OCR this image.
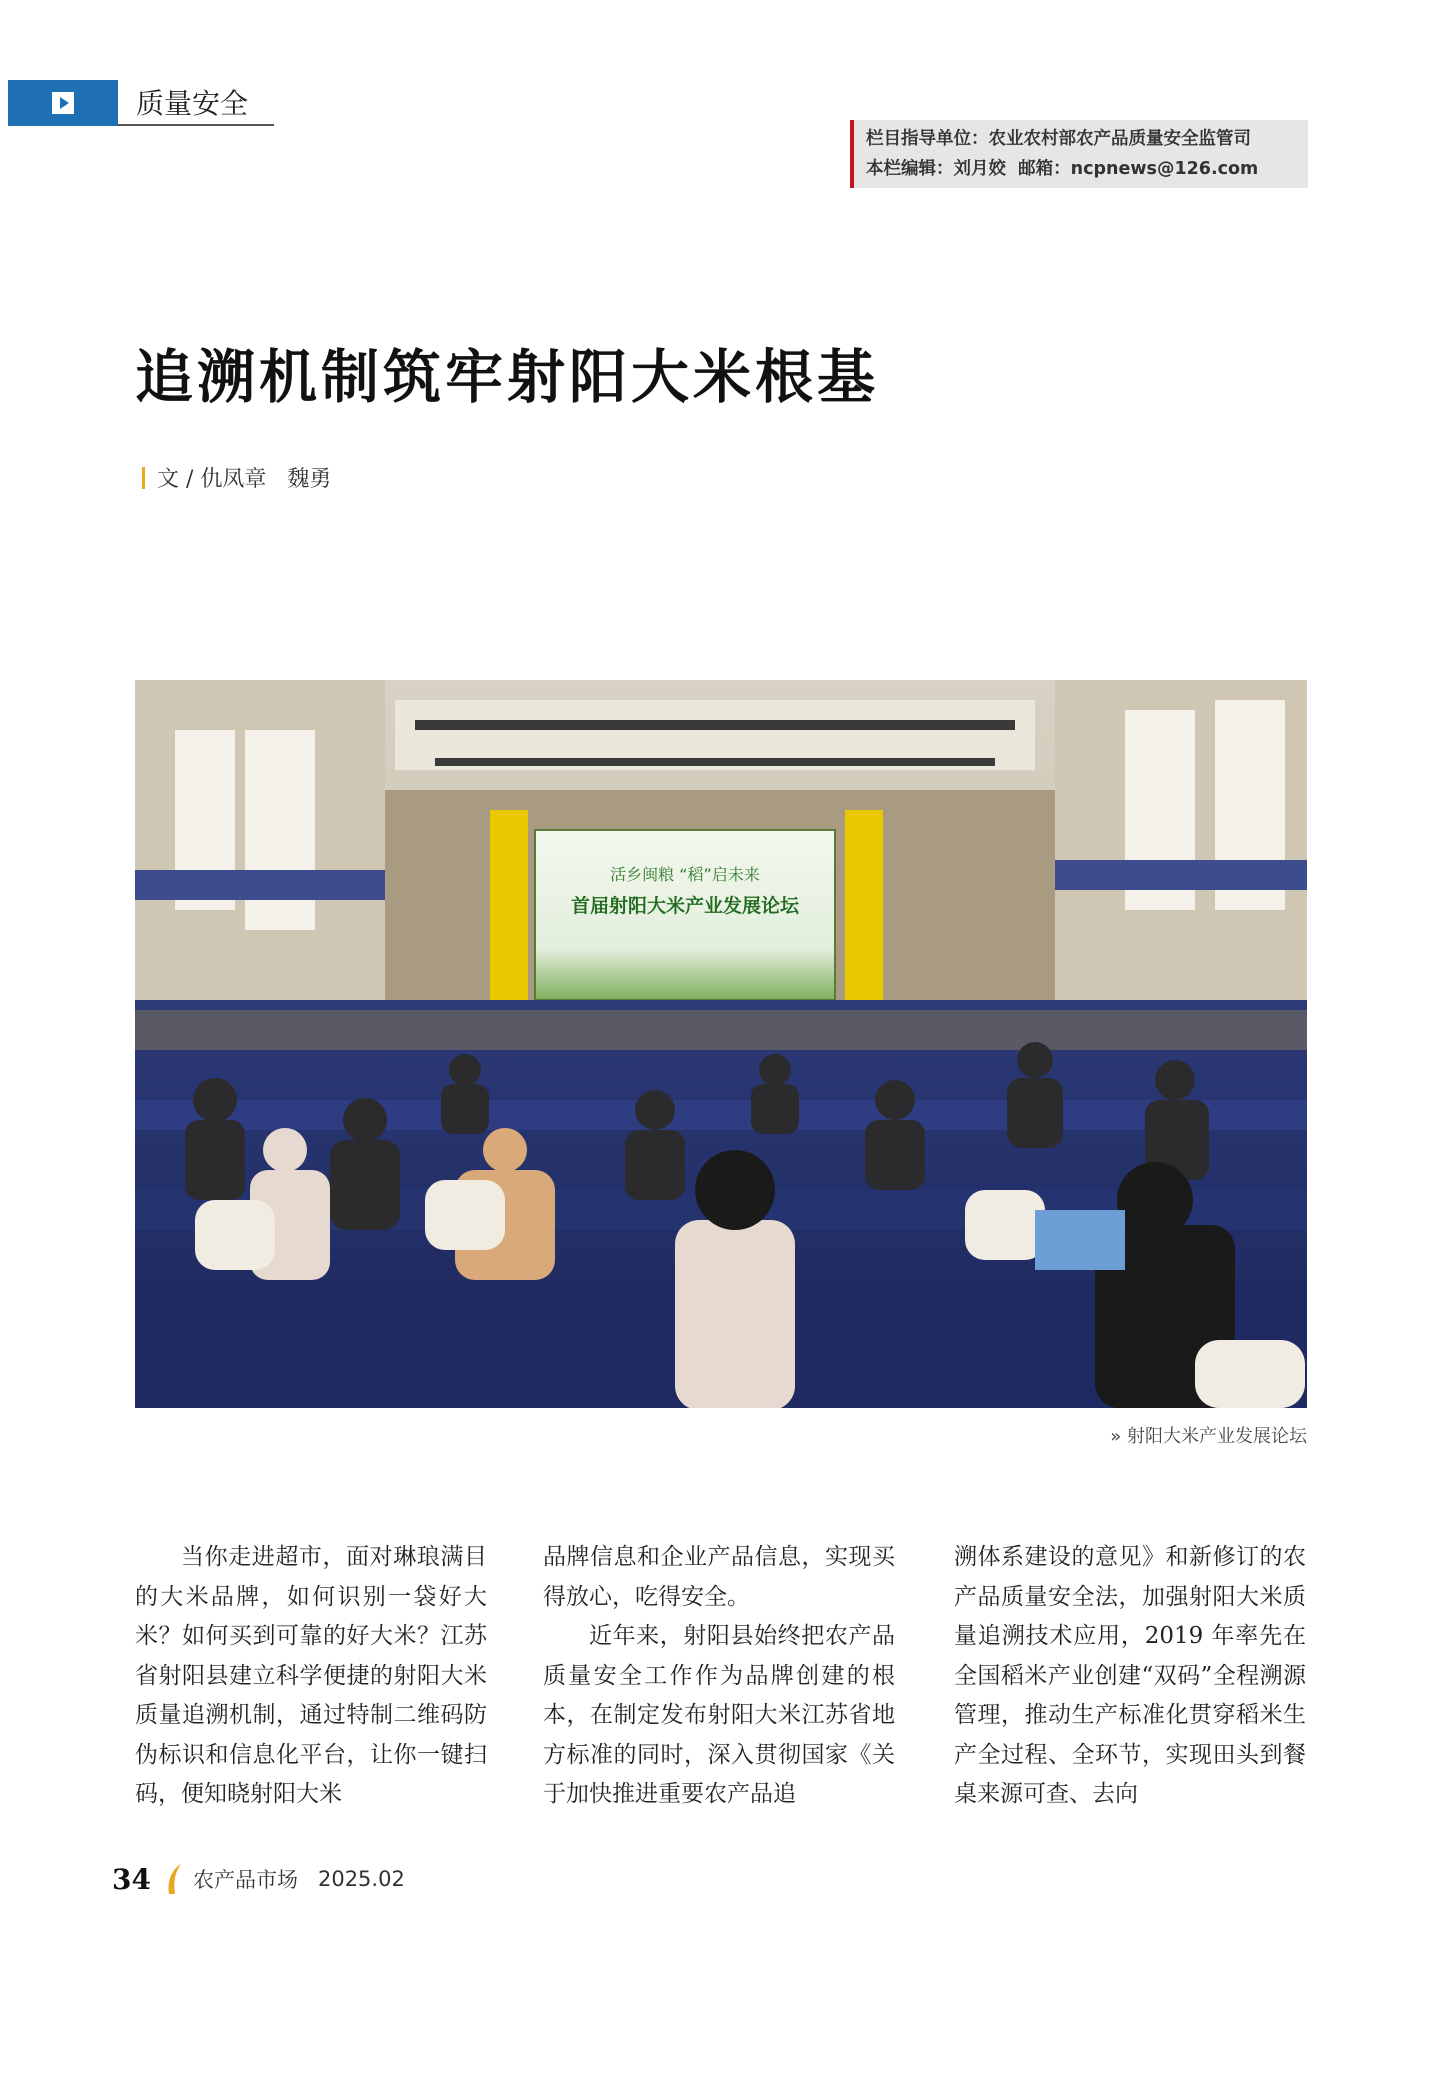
质量安全
栏目指导单位：农业农村部农产品质量安全监管司
本栏编辑：刘月姣  邮箱：ncpnews@126.com
追溯机制筑牢射阳大米根基
文 / 仇凤章   魏勇
活乡闽粮 “稻”启未来
首届射阳大米产业发展论坛
» 射阳大米产业发展论坛

当你走进超市，面对琳琅满目的大米品牌，如何识别一袋好大米？如何买到可靠的好大米？江苏省射阳县建立科学便捷的射阳大米质量追溯机制，通过特制二维码防伪标识和信息化平台，让你一键扫码，便知晓射阳大米

品牌信息和企业产品信息，实现买得放心，吃得安全。
近年来，射阳县始终把农产品质量安全工作作为品牌创建的根本，在制定发布射阳大米江苏省地方标准的同时，深入贯彻国家《关于加快推进重要农产品追

溯体系建设的意见》和新修订的农产品质量安全法，加强射阳大米质量追溯技术应用，2019 年率先在全国稻米产业创建“双码”全程溯源管理，推动生产标准化贯穿稻米生产全过程、全环节，实现田头到餐桌来源可查、去向

34 农产品市场 2025.02
